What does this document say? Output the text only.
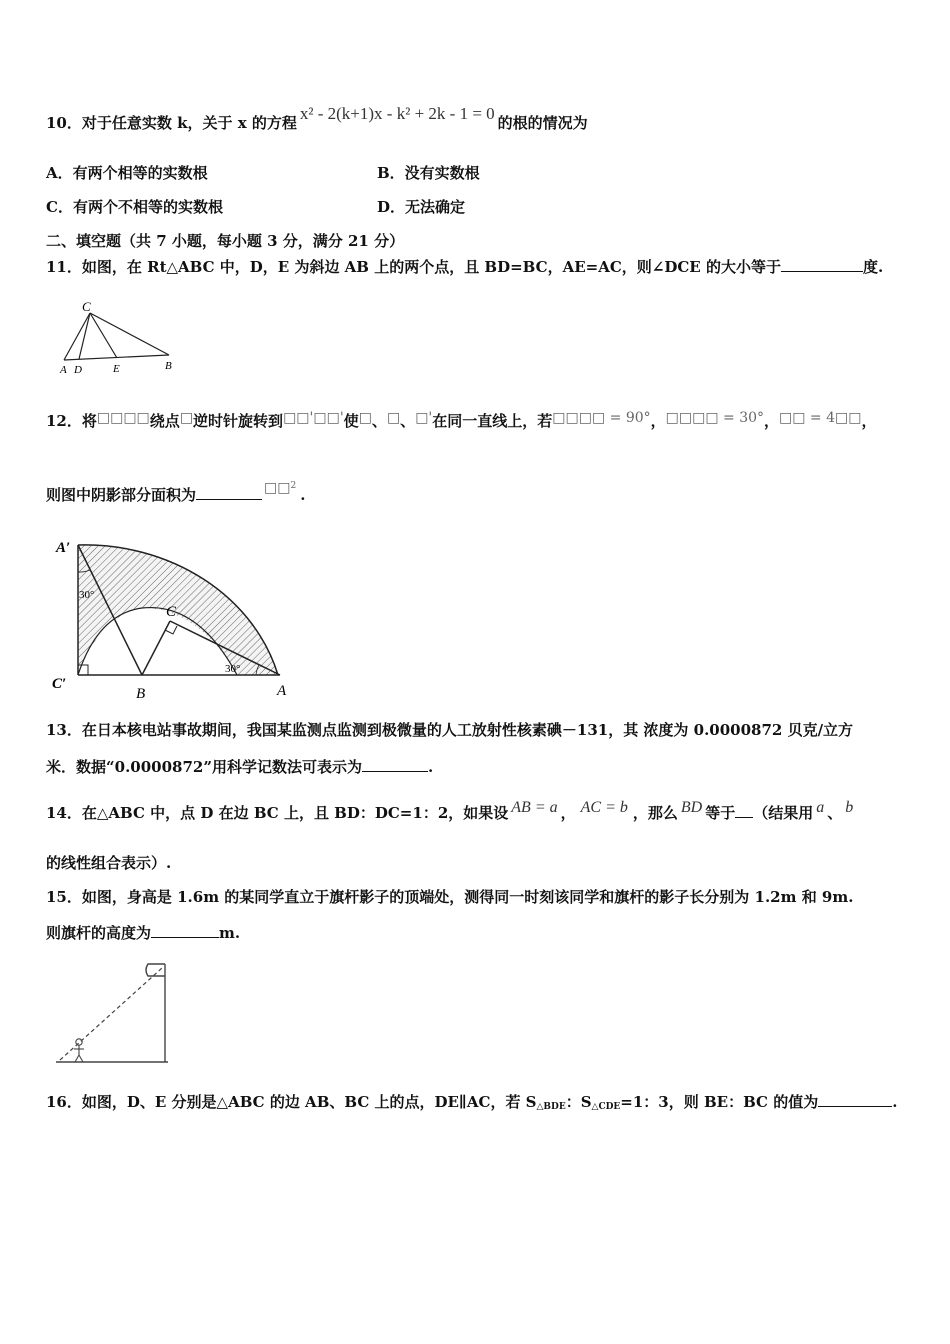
10．对于任意实数 k，关于 x 的方程 x² - 2(k+1)x - k² + 2k - 1 = 0 的根的情况为
A．有两个相等的实数根	B．没有实数根
C．有两个不相等的实数根	D．无法确定
二、填空题（共 7 小题，每小题 3 分，满分 21 分）
11．如图，在 Rt△ABC 中，D，E 为斜边 AB 上的两个点，且 BD=BC，AE=AC，则∠DCE 的大小等于	度.
C
A D	E	B
12．将□□□□绕点□逆时针旋转到□□'□□'使□、□、□'在同一直线上，若□□□□ = 90°，□□□□ = 30°，□□ = 4□□，
则图中阴影部分面积为	□□$^2$ .
A′
C
C′
B	A
30°
30°
13．在日本核电站事故期间，我国某监测点监测到极微量的人工放射性核素碘－131，其 浓度为 0.0000872 贝克/立方
米．数据“0.0000872”用科学记数法可表示为	.
14．在△ABC 中，点 D 在边 BC 上，且 BD：DC=1：2，如果设 AB = a ， AC = b ，那么 BD 等于 （结果用 a 、 b
的线性组合表示）.
15．如图，身高是 1.6m 的某同学直立于旗杆影子的顶端处，测得同一时刻该同学和旗杆的影子长分别为 1.2m 和 9m.
则旗杆的高度为	m.
16．如图，D、E 分别是△ABC 的边 AB、BC 上的点，DE∥AC，若 $S_{\triangle BDE}$：$S_{\triangle CDE}=1$：3，则 BE：BC 的值为	.
